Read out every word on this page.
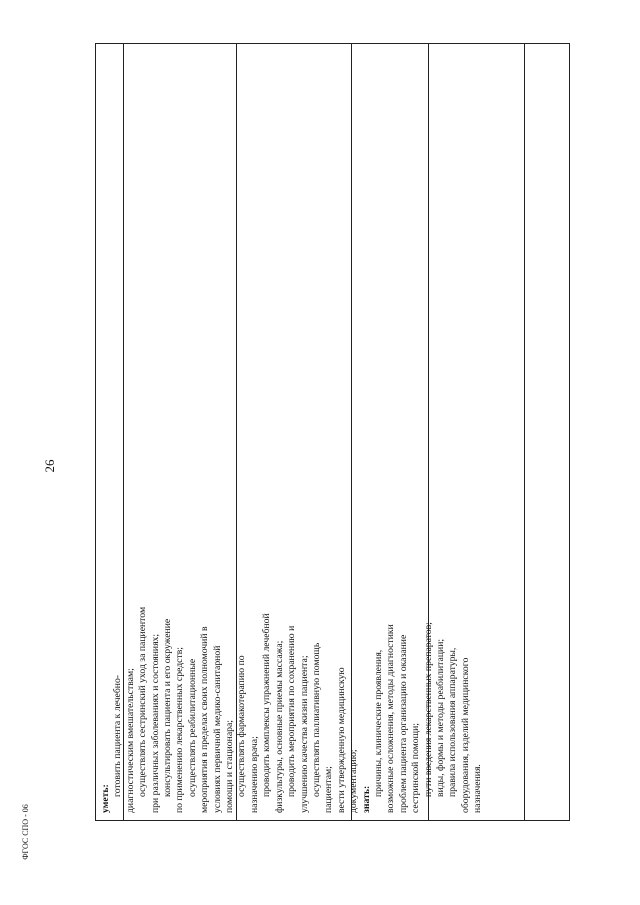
26
уметь:
готовить пациента к лечебно- диагностическим вмешательствам; осуществлять сестринский уход за пациентом при различных заболеваниях и состояниях; консультировать пациента и его окружение по применению лекарственных средств; осуществлять реабилитационные мероприятия в пределах своих полномочий в условиях первичной медико-санитарной помощи и стационара; осуществлять фармакотерапию по назначению врача; проводить комплексы упражнений лечебной физкультуры, основные приемы массажа; проводить мероприятия по сохранению и улучшению качества жизни пациента; осуществлять паллиативную помощь пациентам; вести утвержденную медицинскую документацию; знать:
причины, клинические проявления, возможные осложнения, методы диагностики проблем пациента организацию и оказание сестринской помощи; пути введения лекарственных препаратов; виды, формы и методы реабилитации; правила использования аппаратуры, оборудования, изделий медицинского назначения.
ФГОС СПО - 06
